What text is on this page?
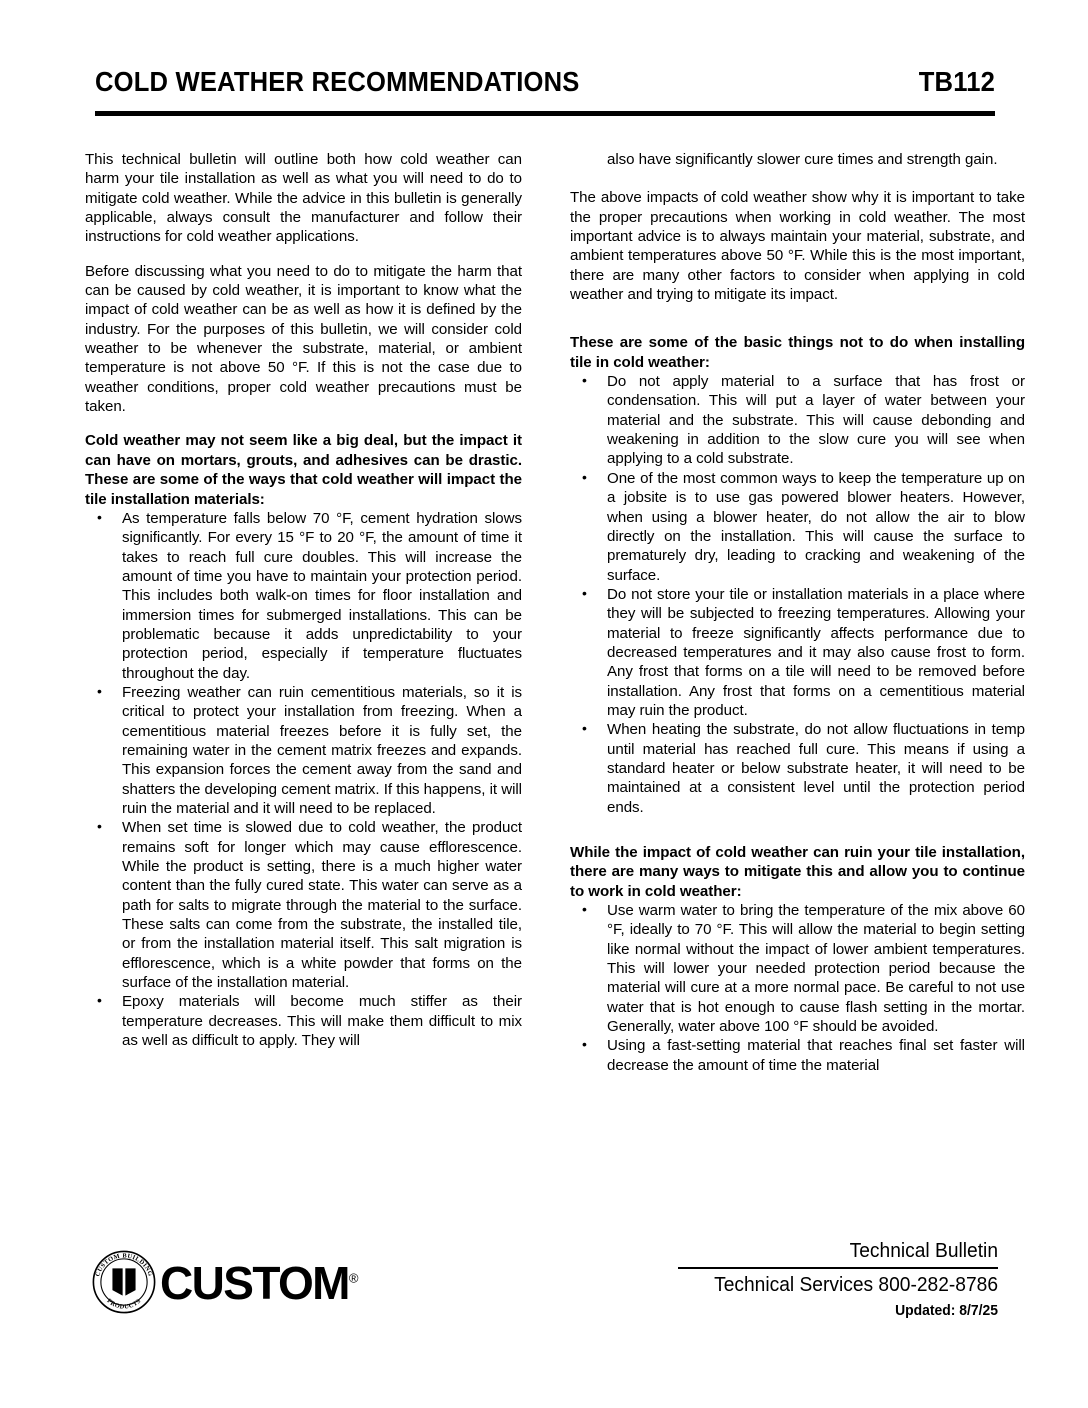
COLD WEATHER RECOMMENDATIONS	TB112

This technical bulletin will outline both how cold weather can harm your tile installation as well as what you will need to do to mitigate cold weather. While the advice in this bulletin is generally applicable, always consult the manufacturer and follow their instructions for cold weather applications.

Before discussing what you need to do to mitigate the harm that can be caused by cold weather, it is important to know what the impact of cold weather can be as well as how it is defined by the industry. For the purposes of this bulletin, we will consider cold weather to be whenever the substrate, material, or ambient temperature is not above 50 °F. If this is not the case due to weather conditions, proper cold weather precautions must be taken.

Cold weather may not seem like a big deal, but the impact it can have on mortars, grouts, and adhesives can be drastic. These are some of the ways that cold weather will impact the tile installation materials:

• As temperature falls below 70 °F, cement hydration slows significantly. For every 15 °F to 20 °F, the amount of time it takes to reach full cure doubles. This will increase the amount of time you have to maintain your protection period. This includes both walk-on times for floor installation and immersion times for submerged installations. This can be problematic because it adds unpredictability to your protection period, especially if temperature fluctuates throughout the day.
• Freezing weather can ruin cementitious materials, so it is critical to protect your installation from freezing. When a cementitious material freezes before it is fully set, the remaining water in the cement matrix freezes and expands. This expansion forces the cement away from the sand and shatters the developing cement matrix. If this happens, it will ruin the material and it will need to be replaced.
• When set time is slowed due to cold weather, the product remains soft for longer which may cause efflorescence. While the product is setting, there is a much higher water content than the fully cured state. This water can serve as a path for salts to migrate through the material to the surface. These salts can come from the substrate, the installed tile, or from the installation material itself. This salt migration is efflorescence, which is a white powder that forms on the surface of the installation material.
• Epoxy materials will become much stiffer as their temperature decreases. This will make them difficult to mix as well as difficult to apply. They will
also have significantly slower cure times and strength gain.

The above impacts of cold weather show why it is important to take the proper precautions when working in cold weather. The most important advice is to always maintain your material, substrate, and ambient temperatures above 50 °F. While this is the most important, there are many other factors to consider when applying in cold weather and trying to mitigate its impact.

These are some of the basic things not to do when installing tile in cold weather:

• Do not apply material to a surface that has frost or condensation. This will put a layer of water between your material and the substrate. This will cause debonding and weakening in addition to the slow cure you will see when applying to a cold substrate.
• One of the most common ways to keep the temperature up on a jobsite is to use gas powered blower heaters. However, when using a blower heater, do not allow the air to blow directly on the installation. This will cause the surface to prematurely dry, leading to cracking and weakening of the surface.
• Do not store your tile or installation materials in a place where they will be subjected to freezing temperatures. Allowing your material to freeze significantly affects performance due to decreased temperatures and it may also cause frost to form. Any frost that forms on a tile will need to be removed before installation. Any frost that forms on a cementitious material may ruin the product.
• When heating the substrate, do not allow fluctuations in temp until material has reached full cure. This means if using a standard heater or below substrate heater, it will need to be maintained at a consistent level until the protection period ends.

While the impact of cold weather can ruin your tile installation, there are many ways to mitigate this and allow you to continue to work in cold weather:

• Use warm water to bring the temperature of the mix above 60 °F, ideally to 70 °F. This will allow the material to begin setting like normal without the impact of lower ambient temperatures. This will lower your needed protection period because the material will cure at a more normal pace. Be careful to not use water that is hot enough to cause flash setting in the mortar. Generally, water above 100 °F should be avoided.
• Using a fast-setting material that reaches final set faster will decrease the amount of time the material
CUSTOM BUILDING
PRODUCTS CUSTOM®
Technical Bulletin
Technical Services 800-282-8786
Updated: 8/7/25
